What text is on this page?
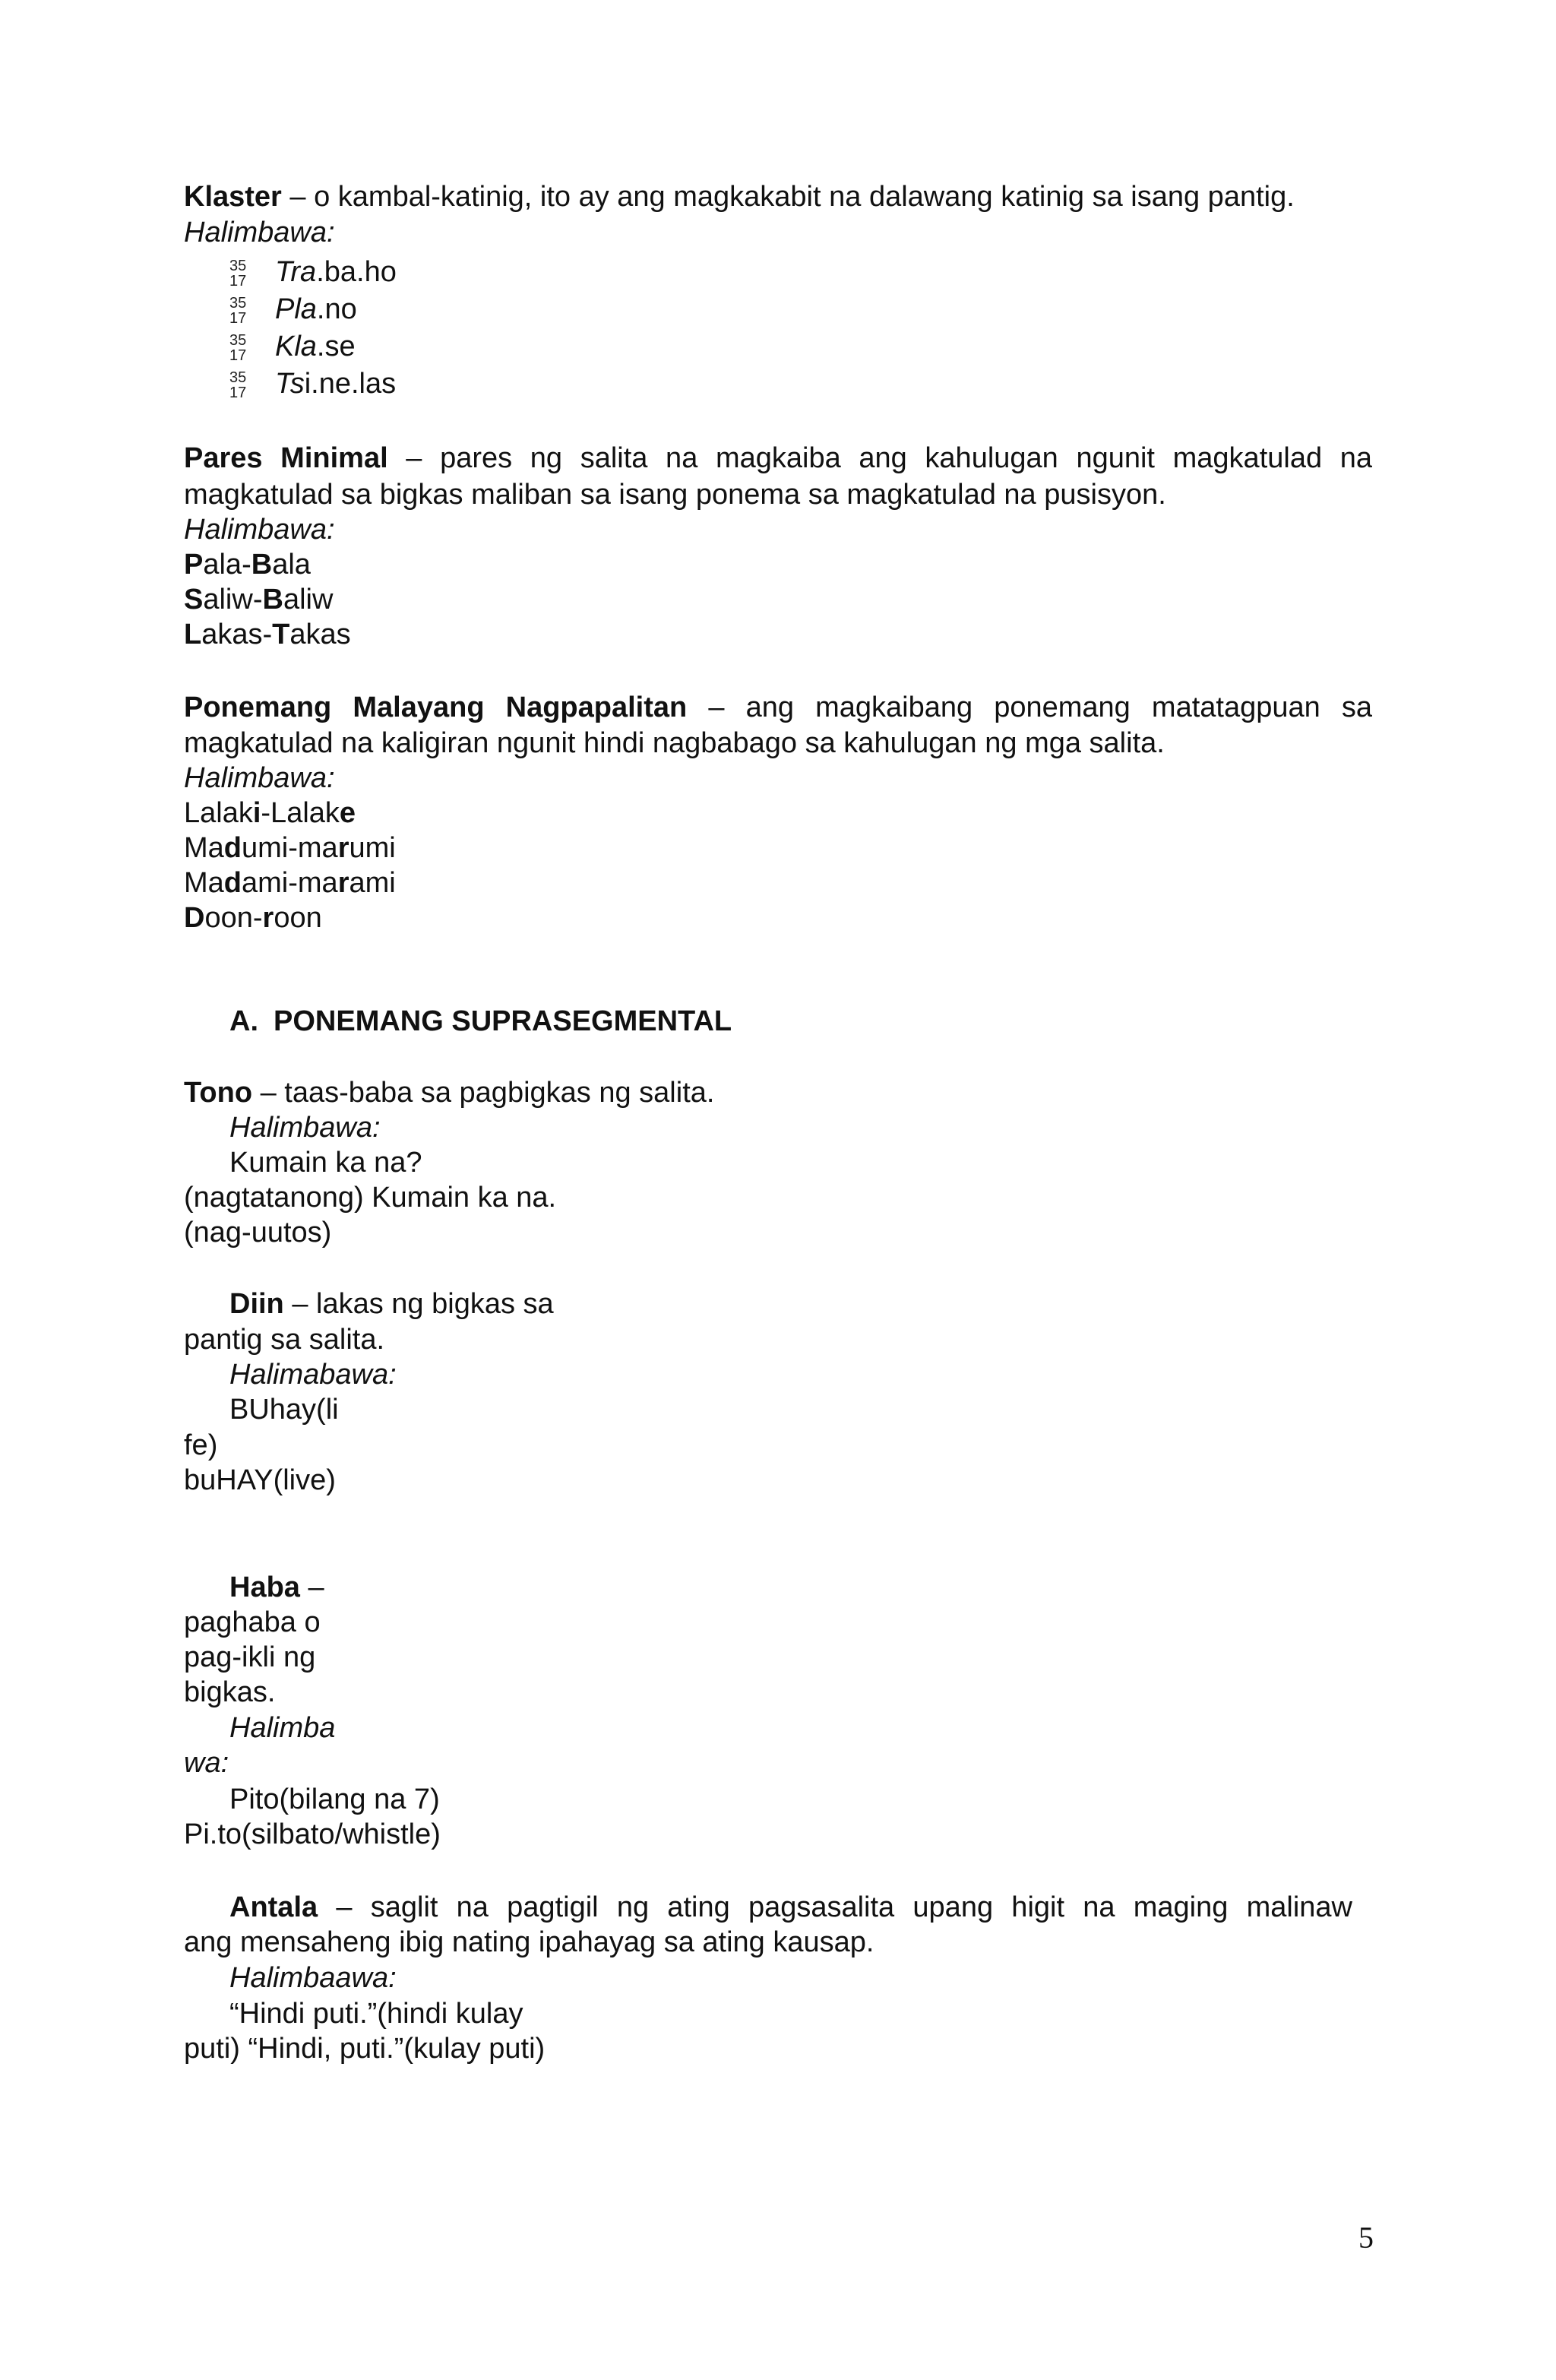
Klaster – o kambal-katinig, ito ay ang magkakabit na dalawang katinig sa isang pantig.
Halimbawa:
35
17 Tra.ba.ho
35
17 Pla.no
35
17 Kla.se
35
17 Tsi.ne.las
Pares Minimal – pares ng salita na magkaiba ang kahulugan ngunit magkatulad na
magkatulad sa bigkas maliban sa isang ponema sa magkatulad na pusisyon.
Halimbawa:
Pala-Bala
Saliw-Baliw
Lakas-Takas
Ponemang Malayang Nagpapalitan – ang magkaibang ponemang matatagpuan sa
magkatulad na kaligiran ngunit hindi nagbabago sa kahulugan ng mga salita.
Halimbawa:
Lalaki-Lalake
Madumi-marumi
Madami-marami
Doon-roon
A. PONEMANG SUPRASEGMENTAL
Tono – taas-baba sa pagbigkas ng salita.
Halimbawa:
Kumain ka na?
(nagtatanong) Kumain ka na.
(nag-uutos)
Diin – lakas ng bigkas sa
pantig sa salita.
Halimabawa:
BUhay(li
fe)
buHAY(live)
Haba –
paghaba o
pag-ikli ng
bigkas.
Halimba
wa:
Pito(bilang na 7)
Pi.to(silbato/whistle)
Antala – saglit na pagtigil ng ating pagsasalita upang higit na maging malinaw
ang mensaheng ibig nating ipahayag sa ating kausap.
Halimbaawa:
“Hindi puti.”(hindi kulay
puti) “Hindi, puti.”(kulay puti)
5
